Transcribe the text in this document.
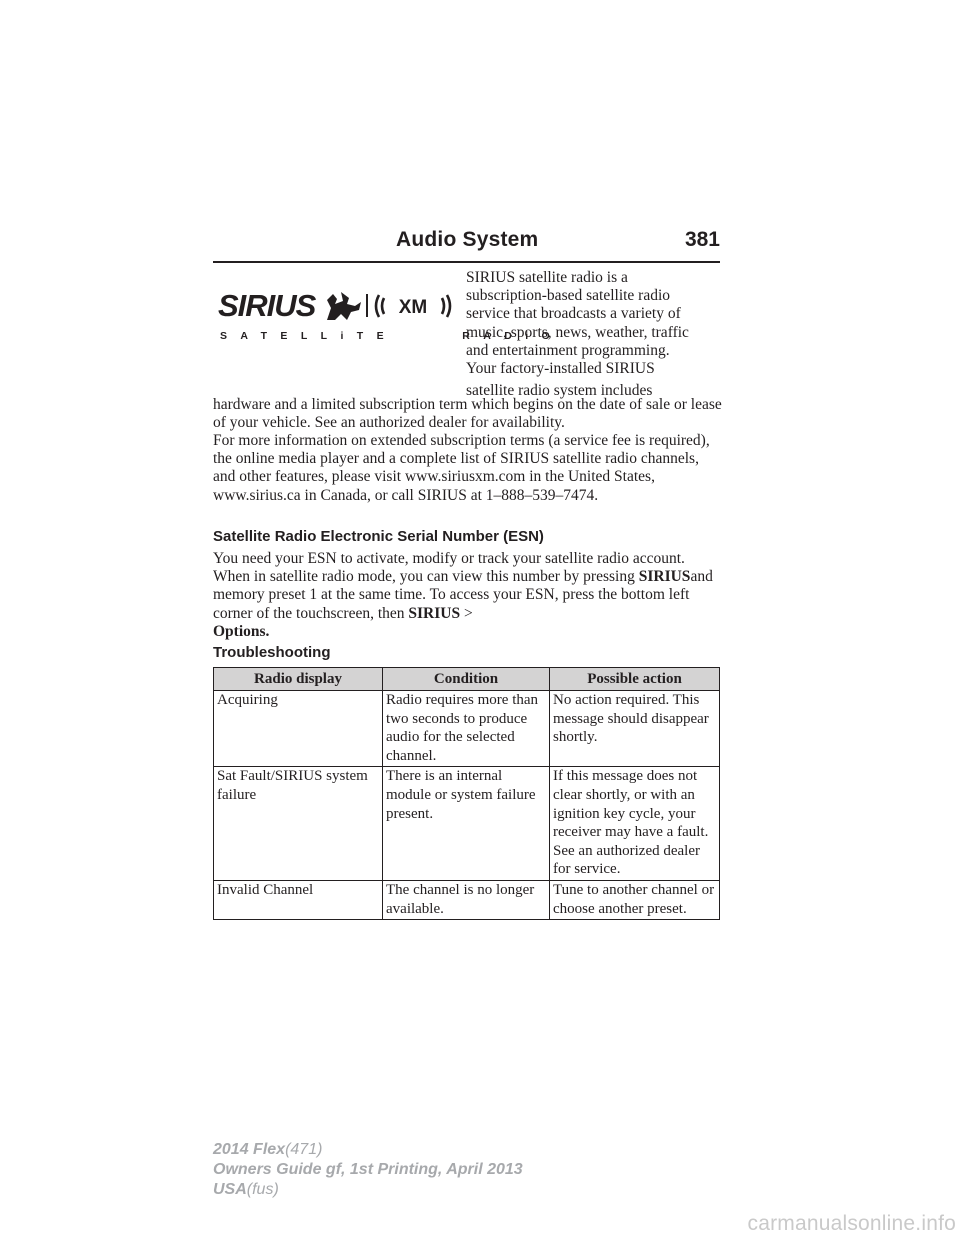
Audio System	381
SIRIUS	XM
SATELLiTE    RADiO
SIRIUS satellite radio is a
subscription-based satellite radio
service that broadcasts a variety of
music, sports, news, weather, traffic
and entertainment programming.
Your factory-installed SIRIUS
satellite radio system includes
hardware and a limited subscription term which begins on the date of sale or lease of your vehicle. See an authorized dealer for availability.
For more information on extended subscription terms (a service fee is required), the online media player and a complete list of SIRIUS satellite radio channels, and other features, please visit www.siriusxm.com in the United States, www.sirius.ca in Canada, or call SIRIUS at 1–888–539–7474.
Satellite Radio Electronic Serial Number (ESN)
You need your ESN to activate, modify or track your satellite radio account. When in satellite radio mode, you can view this number by pressing SIRIUSand memory preset 1 at the same time. To access your ESN, press the bottom left corner of the touchscreen, then SIRIUS >
Options.
Troubleshooting
Radio display	Condition	Possible action
Acquiring	Radio requires more than two seconds to produce audio for the selected channel.	No action required. This message should disappear shortly.
Sat Fault/SIRIUS system failure	There is an internal module or system failure present.	If this message does not clear shortly, or with an ignition key cycle, your receiver may have a fault. See an authorized dealer for service.
Invalid Channel	The channel is no longer available.	Tune to another channel or choose another preset.
2014 Flex(471)
Owners Guide gf, 1st Printing, April 2013
USA(fus)
carmanualsonline.info
